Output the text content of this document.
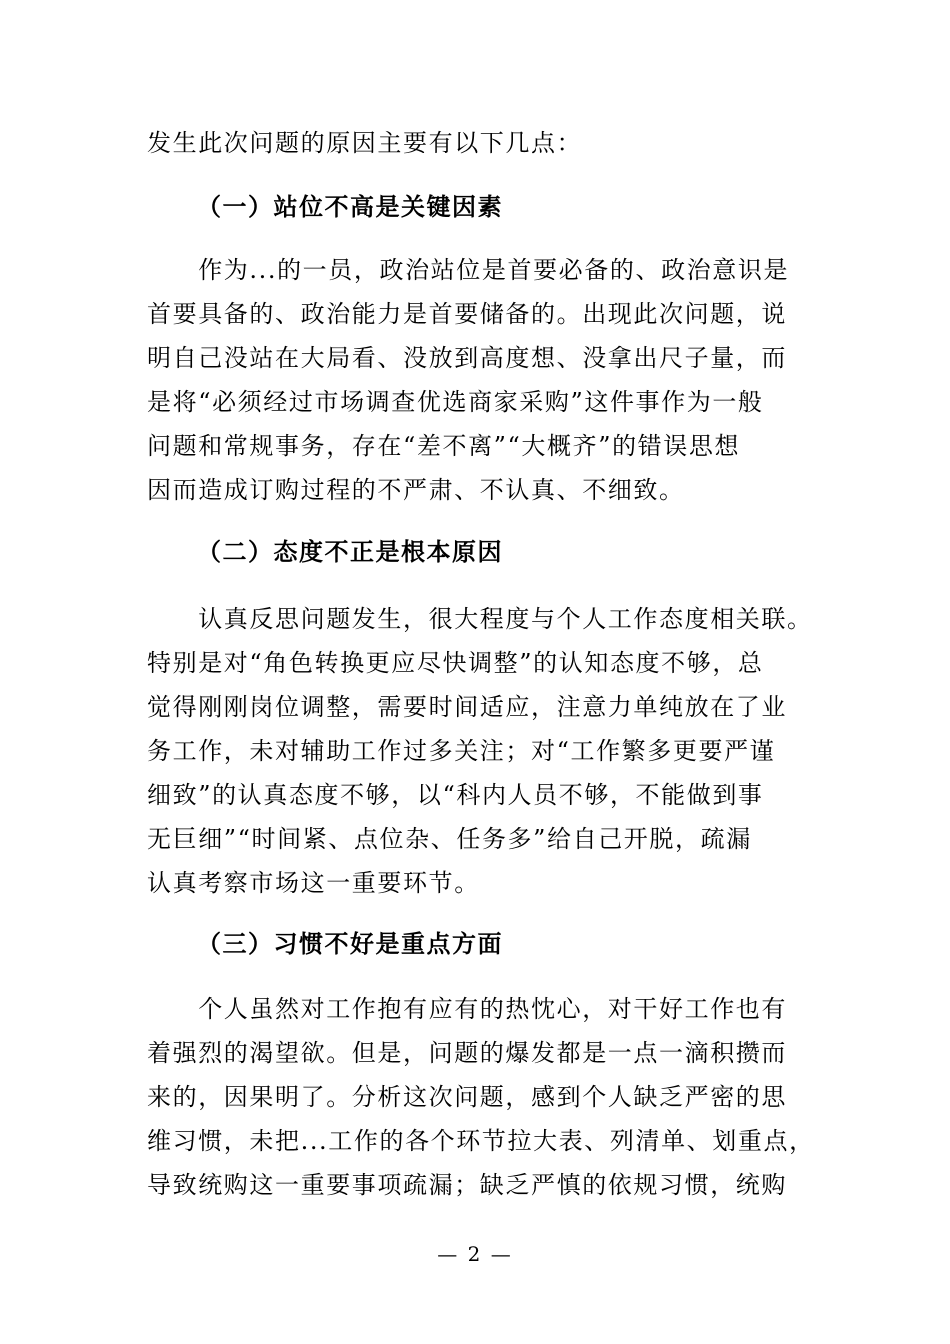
发生此次问题的原因主要有以下几点：
（一）站位不高是关键因素
　　作为...的一员，政治站位是首要必备的、政治意识是
首要具备的、政治能力是首要储备的。出现此次问题，说
明自己没站在大局看、没放到高度想、没拿出尺子量，而
是将“必须经过市场调查优选商家采购”这件事作为一般
问题和常规事务，存在“差不离”“大概齐”的错误思想
因而造成订购过程的不严肃、不认真、不细致。
（二）态度不正是根本原因
　　认真反思问题发生，很大程度与个人工作态度相关联。
特别是对“角色转换更应尽快调整”的认知态度不够，总
觉得刚刚岗位调整，需要时间适应，注意力单纯放在了业
务工作，未对辅助工作过多关注；对“工作繁多更要严谨
细致”的认真态度不够，以“科内人员不够，不能做到事
无巨细”“时间紧、点位杂、任务多”给自己开脱，疏漏
认真考察市场这一重要环节。
（三）习惯不好是重点方面
　　个人虽然对工作抱有应有的热忱心，对干好工作也有
着强烈的渴望欲。但是，问题的爆发都是一点一滴积攒而
来的，因果明了。分析这次问题，感到个人缺乏严密的思
维习惯，未把...工作的各个环节拉大表、列清单、划重点，
导致统购这一重要事项疏漏；缺乏严慎的依规习惯，统购
— 2 —
